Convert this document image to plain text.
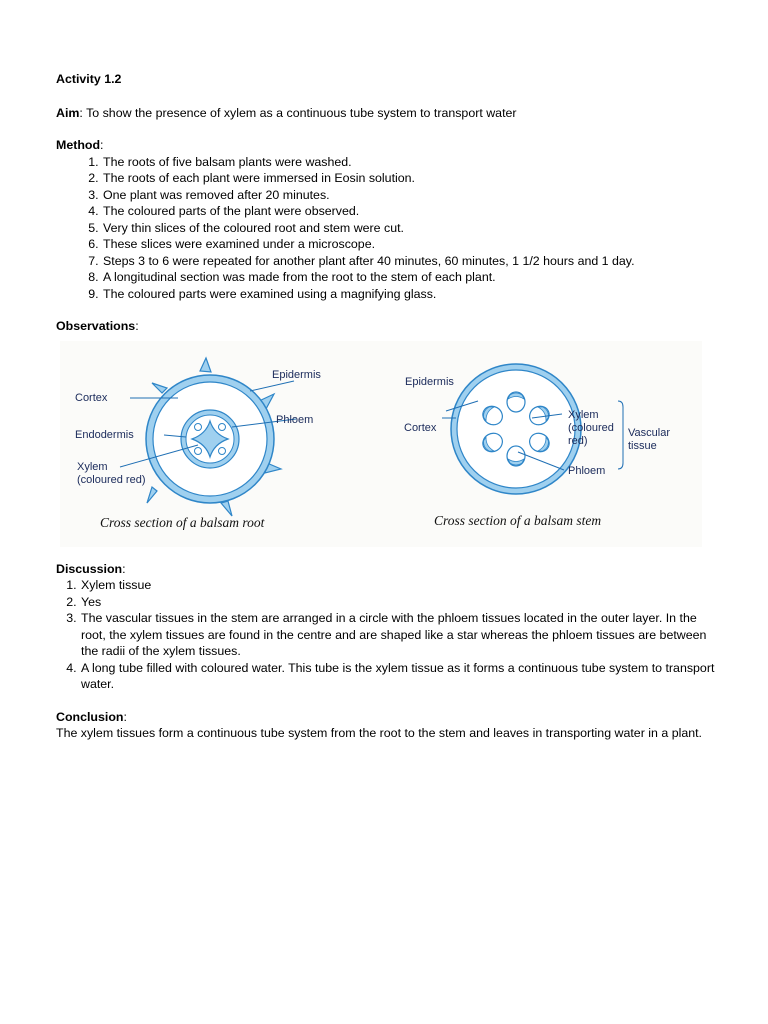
Activity 1.2

Aim: To show the presence of xylem as a continuous tube system to transport water

Method:

1. The roots of five balsam plants were washed.
2. The roots of each plant were immersed in Eosin solution.
3. One plant was removed after 20 minutes.
4. The coloured parts of the plant were observed.
5. Very thin slices of the coloured root and stem were cut.
6. These slices were examined under a microscope.
7. Steps 3 to 6 were repeated for another plant after 40 minutes, 60 minutes, 1 1/2 hours and 1 day.
8. A longitudinal section was made from the root to the stem of each plant.
9. The coloured parts were examined using a magnifying glass.

Observations:

Epidermis
Cortex
Phloem
Endodermis
Xylem
(coloured red)
Cross section of a balsam root
Epidermis
Cortex
Xylem
(coloured
red)
Vascular
tissue
Phloem
Cross section of a balsam stem

Discussion:

1. Xylem tissue
2. Yes
3. The vascular tissues in the stem are arranged in a circle with the phloem tissues located in the outer layer. In the root, the xylem tissues are found in the centre and are shaped like a star whereas the phloem tissues are between the radii of the xylem tissues.
4. A long tube filled with coloured water. This tube is the xylem tissue as it forms a continuous tube system to transport water.

Conclusion:

The xylem tissues form a continuous tube system from the root to the stem and leaves in transporting water in a plant.
